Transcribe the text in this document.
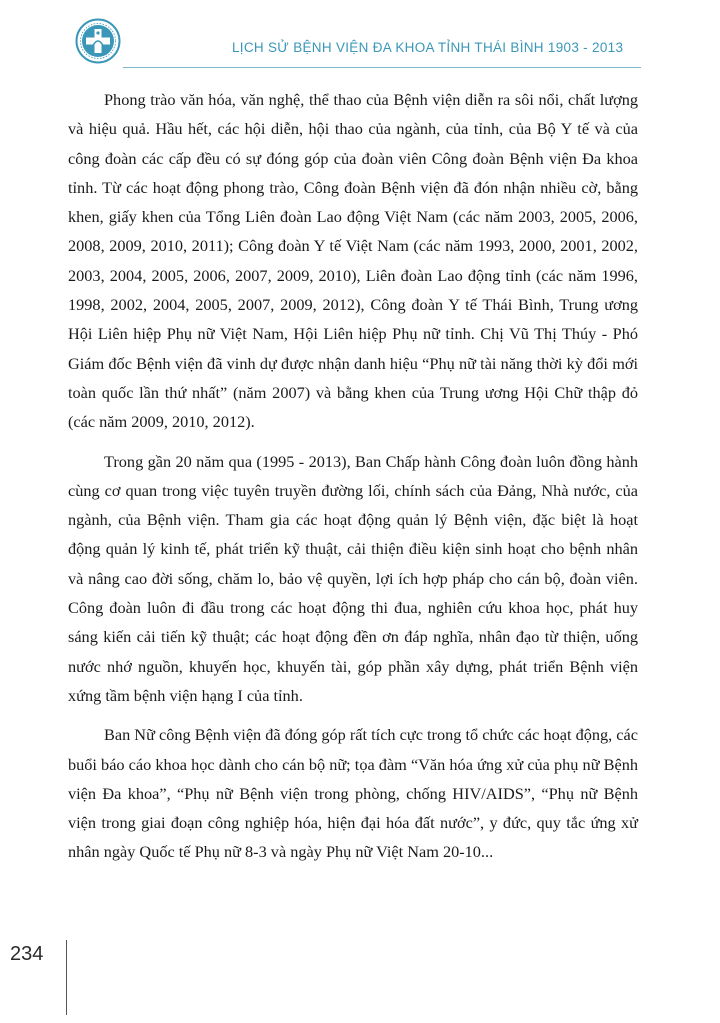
LỊCH SỬ BỆNH VIỆN ĐA KHOA TỈNH THÁI BÌNH 1903 - 2013

Phong trào văn hóa, văn nghệ, thể thao của Bệnh viện diễn ra sôi nổi, chất lượng và hiệu quả. Hầu hết, các hội diễn, hội thao của ngành, của tỉnh, của Bộ Y tế và của công đoàn các cấp đều có sự đóng góp của đoàn viên Công đoàn Bệnh viện Đa khoa tỉnh. Từ các hoạt động phong trào, Công đoàn Bệnh viện đã đón nhận nhiều cờ, bằng khen, giấy khen của Tổng Liên đoàn Lao động Việt Nam (các năm 2003, 2005, 2006, 2008, 2009, 2010, 2011); Công đoàn Y tế Việt Nam (các năm 1993, 2000, 2001, 2002, 2003, 2004, 2005, 2006, 2007, 2009, 2010), Liên đoàn Lao động tỉnh (các năm 1996, 1998, 2002, 2004, 2005, 2007, 2009, 2012), Công đoàn Y tế Thái Bình, Trung ương Hội Liên hiệp Phụ nữ Việt Nam, Hội Liên hiệp Phụ nữ tỉnh. Chị Vũ Thị Thúy - Phó Giám đốc Bệnh viện đã vinh dự được nhận danh hiệu “Phụ nữ tài năng thời kỳ đổi mới toàn quốc lần thứ nhất” (năm 2007) và bằng khen của Trung ương Hội Chữ thập đỏ (các năm 2009, 2010, 2012).

Trong gần 20 năm qua (1995 - 2013), Ban Chấp hành Công đoàn luôn đồng hành cùng cơ quan trong việc tuyên truyền đường lối, chính sách của Đảng, Nhà nước, của ngành, của Bệnh viện. Tham gia các hoạt động quản lý Bệnh viện, đặc biệt là hoạt động quản lý kinh tế, phát triển kỹ thuật, cải thiện điều kiện sinh hoạt cho bệnh nhân và nâng cao đời sống, chăm lo, bảo vệ quyền, lợi ích hợp pháp cho cán bộ, đoàn viên. Công đoàn luôn đi đầu trong các hoạt động thi đua, nghiên cứu khoa học, phát huy sáng kiến cải tiến kỹ thuật; các hoạt động đền ơn đáp nghĩa, nhân đạo từ thiện, uống nước nhớ nguồn, khuyến học, khuyến tài, góp phần xây dựng, phát triển Bệnh viện xứng tầm bệnh viện hạng I của tỉnh.

Ban Nữ công Bệnh viện đã đóng góp rất tích cực trong tổ chức các hoạt động, các buổi báo cáo khoa học dành cho cán bộ nữ; tọa đàm “Văn hóa ứng xử của phụ nữ Bệnh viện Đa khoa”, “Phụ nữ Bệnh viện trong phòng, chống HIV/AIDS”, “Phụ nữ Bệnh viện trong giai đoạn công nghiệp hóa, hiện đại hóa đất nước”, y đức, quy tắc ứng xử nhân ngày Quốc tế Phụ nữ 8-3 và ngày Phụ nữ Việt Nam 20-10...

234
